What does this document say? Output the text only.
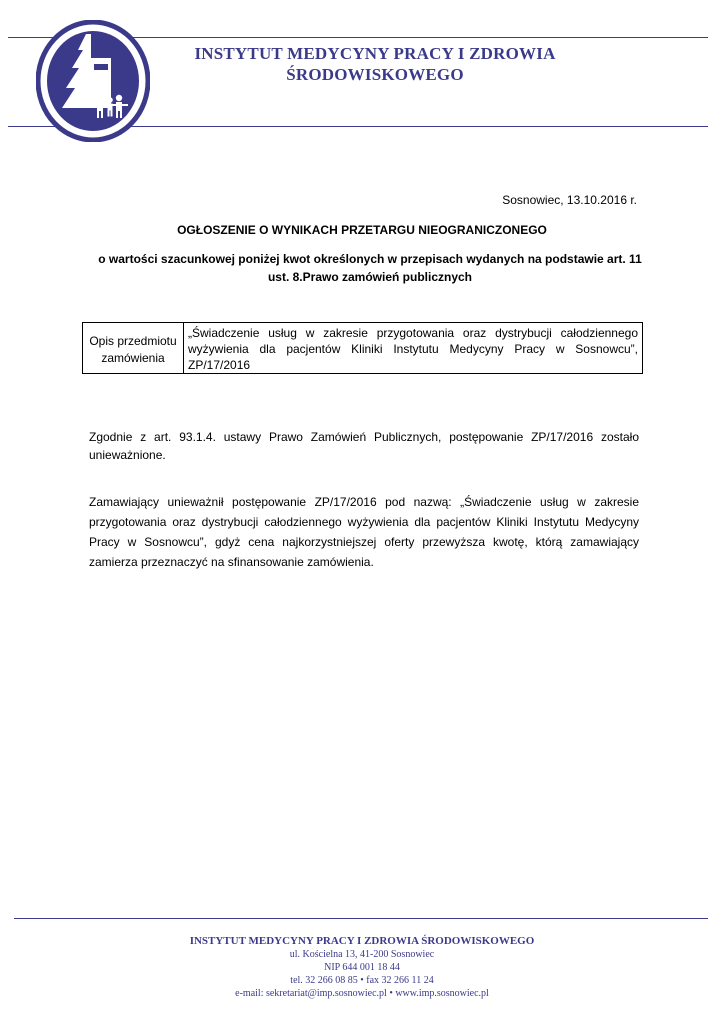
INSTYTUT MEDYCYNY PRACY I ZDROWIA
ŚRODOWISKOWEGO
Sosnowiec, 13.10.2016 r.
OGŁOSZENIE O WYNIKACH PRZETARGU NIEOGRANICZONEGO
o wartości szacunkowej poniżej kwot określonych w przepisach wydanych na podstawie art. 11 ust. 8.Prawo zamówień publicznych
Opis przedmiotu zamówienia	„Świadczenie usług w zakresie przygotowania oraz dystrybucji całodziennego wyżywienia dla pacjentów Kliniki Instytutu Medycyny Pracy w Sosnowcu”, ZP/17/2016
Zgodnie z art. 93.1.4. ustawy Prawo Zamówień Publicznych, postępowanie ZP/17/2016 zostało unieważnione.
Zamawiający unieważnił postępowanie ZP/17/2016 pod nazwą: „Świadczenie usług w zakresie przygotowania oraz dystrybucji całodziennego wyżywienia dla pacjentów Kliniki Instytutu Medycyny Pracy w Sosnowcu”, gdyż cena najkorzystniejszej oferty przewyższa kwotę, którą zamawiający zamierza przeznaczyć na sfinansowanie zamówienia.
INSTYTUT MEDYCYNY PRACY I ZDROWIA ŚRODOWISKOWEGO
ul. Kościelna 13, 41-200 Sosnowiec
NIP 644 001 18 44
tel. 32 266 08 85 • fax 32 266 11 24
e-mail: sekretariat@imp.sosnowiec.pl • www.imp.sosnowiec.pl
